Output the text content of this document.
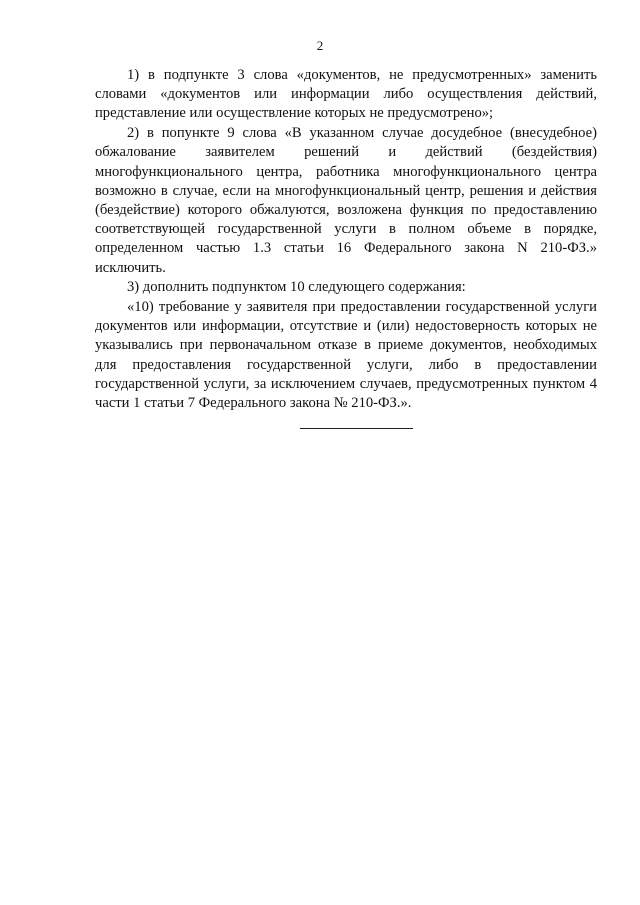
2

1) в подпункте 3 слова «документов, не предусмотренных» заменить словами «документов или информации либо осуществления действий, представление или осуществление которых не предусмотрено»;

2) в попункте 9 слова «В указанном случае досудебное (внесудебное) обжалование заявителем решений и действий (бездействия) многофункционального центра, работника многофункционального центра возможно в случае, если на многофункциональный центр, решения и действия (бездействие) которого обжалуются, возложена функция по предоставлению соответствующей государственной услуги в полном объеме в порядке, определенном частью 1.3 статьи 16 Федерального закона N 210-ФЗ.» исключить.

3) дополнить подпунктом 10 следующего содержания:

«10) требование у заявителя при предоставлении государственной услуги документов или информации, отсутствие и (или) недостоверность которых не указывались при первоначальном отказе в приеме документов, необходимых для предоставления государственной услуги, либо в предоставлении государственной услуги, за исключением случаев, предусмотренных пунктом 4 части 1 статьи 7 Федерального закона № 210-ФЗ.».
